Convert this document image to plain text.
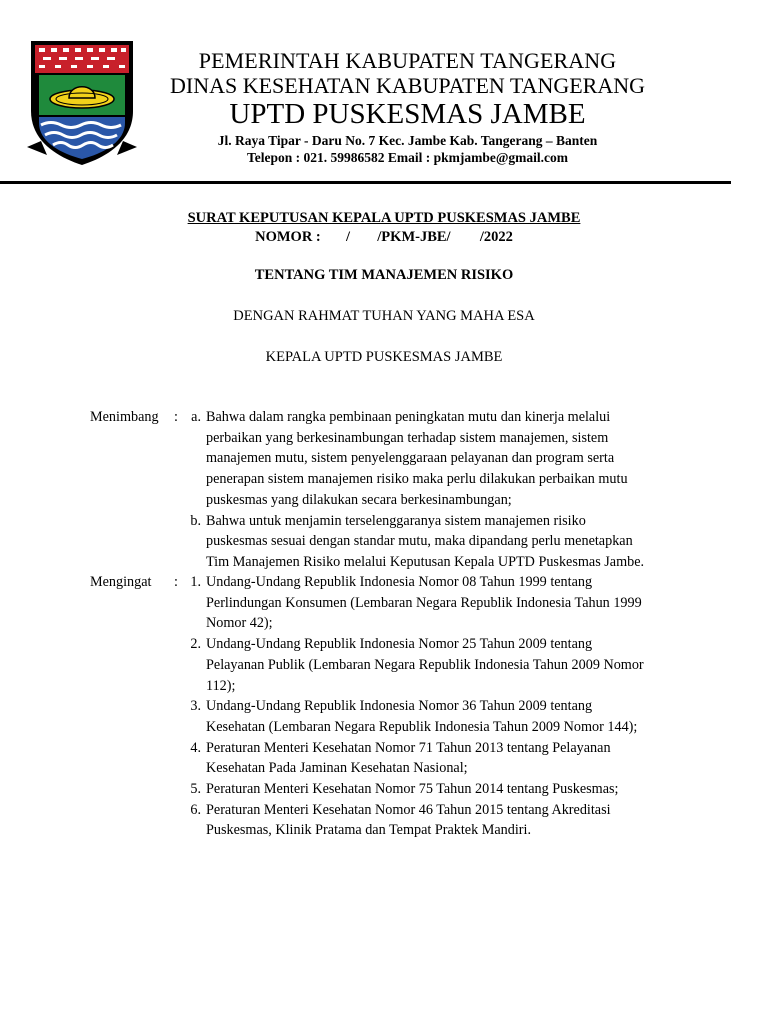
PEMERINTAH KABUPATEN TANGERANG
DINAS KESEHATAN KABUPATEN TANGERANG
UPTD PUSKESMAS JAMBE
Jl. Raya Tipar - Daru No. 7 Kec. Jambe Kab. Tangerang – Banten
Telepon : 021. 59986582 Email : pkmjambe@gmail.com
SURAT KEPUTUSAN KEPALA UPTD PUSKESMAS JAMBE
NOMOR : / /PKM-JBE/ /2022
TENTANG TIM MANAJEMEN RISIKO
DENGAN RAHMAT TUHAN YANG MAHA ESA
KEPALA UPTD PUSKESMAS JAMBE
Menimbang : a. Bahwa dalam rangka pembinaan peningkatan mutu dan kinerja melalui
perbaikan yang berkesinambungan terhadap sistem manajemen, sistem
manajemen mutu, sistem penyelenggaraan pelayanan dan program serta
penerapan sistem manajemen risiko maka perlu dilakukan perbaikan mutu
puskesmas yang dilakukan secara berkesinambungan;
b. Bahwa untuk menjamin terselenggaranya sistem manajemen risiko
puskesmas sesuai dengan standar mutu, maka dipandang perlu menetapkan
Tim Manajemen Risiko melalui Keputusan Kepala UPTD Puskesmas Jambe.
Mengingat : 1. Undang-Undang Republik Indonesia Nomor 08 Tahun 1999 tentang
Perlindungan Konsumen (Lembaran Negara Republik Indonesia Tahun 1999
Nomor 42);
2. Undang-Undang Republik Indonesia Nomor 25 Tahun 2009 tentang
Pelayanan Publik (Lembaran Negara Republik Indonesia Tahun 2009 Nomor
112);
3. Undang-Undang Republik Indonesia Nomor 36 Tahun 2009 tentang
Kesehatan (Lembaran Negara Republik Indonesia Tahun 2009 Nomor 144);
4. Peraturan Menteri Kesehatan Nomor 71 Tahun 2013 tentang Pelayanan
Kesehatan Pada Jaminan Kesehatan Nasional;
5. Peraturan Menteri Kesehatan Nomor 75 Tahun 2014 tentang Puskesmas;
6. Peraturan Menteri Kesehatan Nomor 46 Tahun 2015 tentang Akreditasi
Puskesmas, Klinik Pratama dan Tempat Praktek Mandiri.
